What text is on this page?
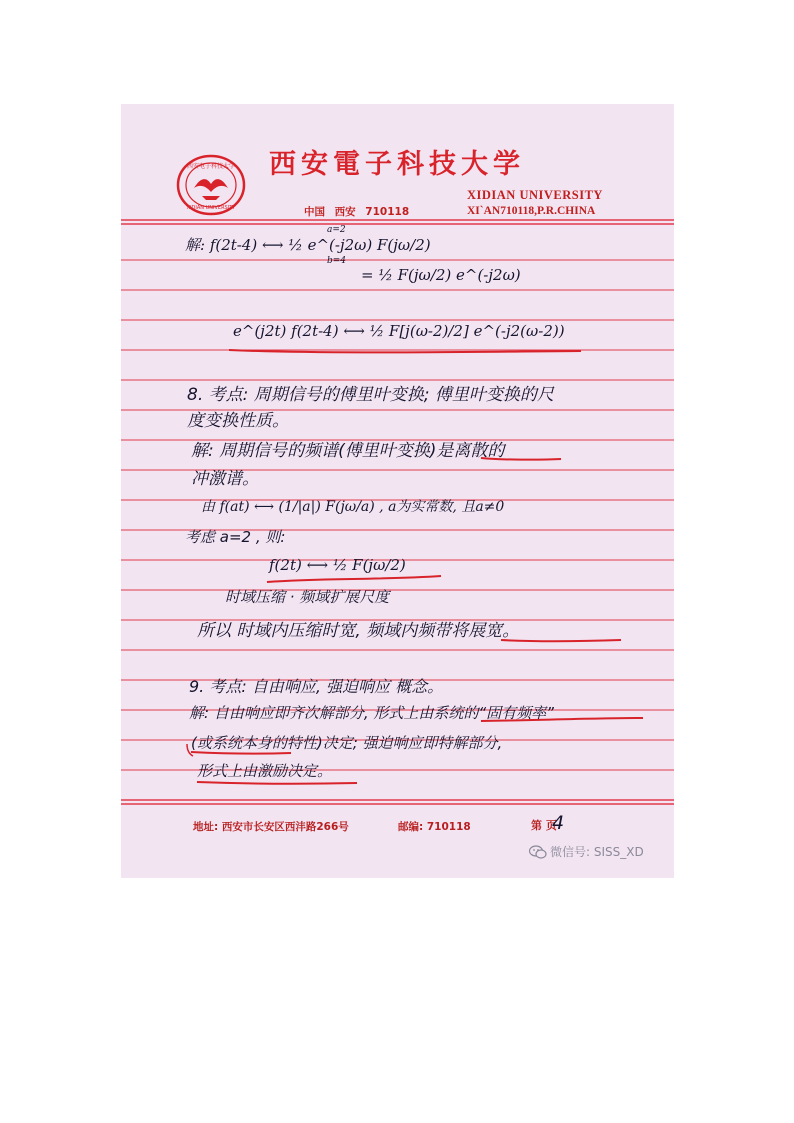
西安电子科技大学
XIDIAN UNIVERSITY
西安電子科技大学
XIDIAN UNIVERSITY
中国 西安 710118	XI`AN710118,P.R.CHINA
解: f(2t-4) ⟷ ½ e^(-j2ω) F(jω/2)
a=2
b=4
= ½ F(jω/2) e^(-j2ω)
e^(j2t) f(2t-4) ⟷ ½ F[j(ω-2)/2] e^(-j2(ω-2))
8. 考点: 周期信号的傅里叶变换; 傅里叶变换的尺
度变换性质。
解: 周期信号的频谱(傅里叶变换)是离散的
冲激谱。
由 f(at) ⟷ (1/|a|) F(jω/a) , a为实常数, 且a≠0
考虑 a=2 , 则:
f(2t) ⟷ ½ F(jω/2)
时域压缩 · 频域扩展尺度
所以 时域内压缩时宽, 频域内频带将展宽。
9. 考点: 自由响应, 强迫响应 概念。
解: 自由响应即齐次解部分, 形式上由系统的“固有频率”
(或系统本身的特性)决定; 强迫响应即特解部分,
形式上由激励决定。
地址: 西安市长安区西沣路266号	邮编: 710118	第 页
4
微信号: SISS_XD
